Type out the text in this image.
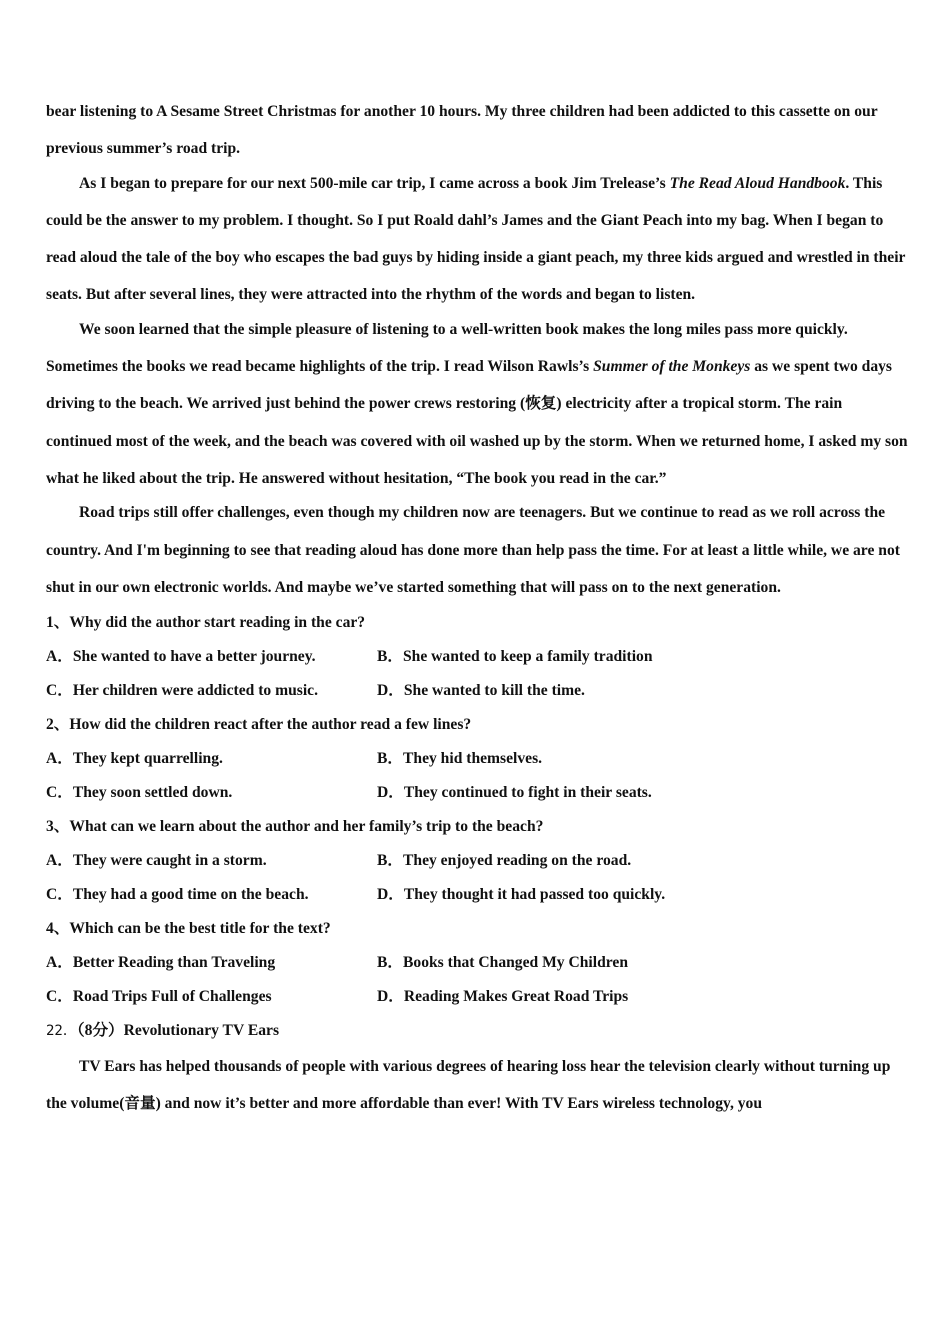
bear listening to A Sesame Street Christmas for another 10 hours. My three children had been addicted to this cassette on our previous summer’s road trip.

As I began to prepare for our next 500-mile car trip, I came across a book Jim Trelease’s The Read Aloud Handbook. This could be the answer to my problem. I thought. So I put Roald dahl’s James and the Giant Peach into my bag. When I began to read aloud the tale of the boy who escapes the bad guys by hiding inside a giant peach, my three kids argued and wrestled in their seats. But after several lines, they were attracted into the rhythm of the words and began to listen.

We soon learned that the simple pleasure of listening to a well-written book makes the long miles pass more quickly. Sometimes the books we read became highlights of the trip. I read Wilson Rawls’s Summer of the Monkeys as we spent two days driving to the beach. We arrived just behind the power crews restoring (恢复) electricity after a tropical storm. The rain continued most of the week, and the beach was covered with oil washed up by the storm. When we returned home, I asked my son what he liked about the trip. He answered without hesitation, “The book you read in the car.”

Road trips still offer challenges, even though my children now are teenagers. But we continue to read as we roll across the country. And I'm beginning to see that reading aloud has done more than help pass the time. For at least a little while, we are not shut in our own electronic worlds. And maybe we’ve started something that will pass on to the next generation.

1、Why did the author start reading in the car?

A．She wanted to have a better journey.	B．She wanted to keep a family tradition
C．Her children were addicted to music.	D．She wanted to kill the time.

2、How did the children react after the author read a few lines?

A．They kept quarrelling.	B．They hid themselves.
C．They soon settled down.	D．They continued to fight in their seats.

3、What can we learn about the author and her family’s trip to the beach?

A．They were caught in a storm.	B．They enjoyed reading on the road.
C．They had a good time on the beach.	D．They thought it had passed too quickly.

4、Which can be the best title for the text?

A．Better Reading than Traveling	B．Books that Changed My Children
C．Road Trips Full of Challenges	D．Reading Makes Great Road Trips

22．（8分）Revolutionary TV Ears

TV Ears has helped thousands of people with various degrees of hearing loss hear the television clearly without turning up the volume(音量) and now it’s better and more affordable than ever! With TV Ears wireless technology, you
